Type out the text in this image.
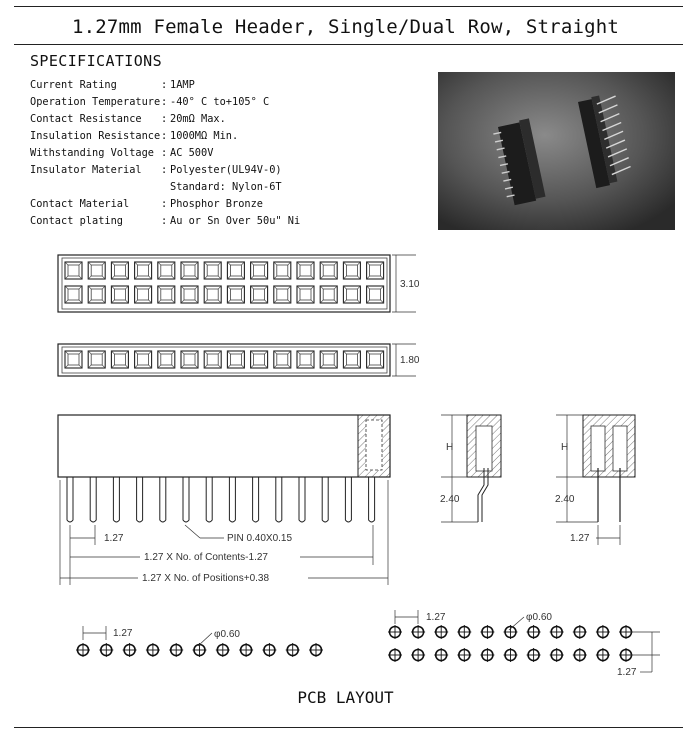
1.27mm Female Header, Single/Dual Row, Straight
SPECIFICATIONS
Current Rating	: 1AMP
Operation Temperature : -40° C to+105° C
Contact Resistance	: 20mΩ Max.
Insulation Resistance : 1000MΩ Min.
Withstanding Voltage : AC 500V
Insulator Material	: Polyester(UL94V-0)
Standard: Nylon-6T
Contact Material	: Phosphor Bronze
Contact plating	: Au or Sn Over 50u" Ni
3.10
1.80
1.27	PIN 0.40X0.15
1.27 X No. of Contents-1.27
1.27 X No. of Positions+0.38
H
2.40
H
2.40
1.27
1.27	φ0.60
1.27	φ0.60
1.27
PCB LAYOUT
